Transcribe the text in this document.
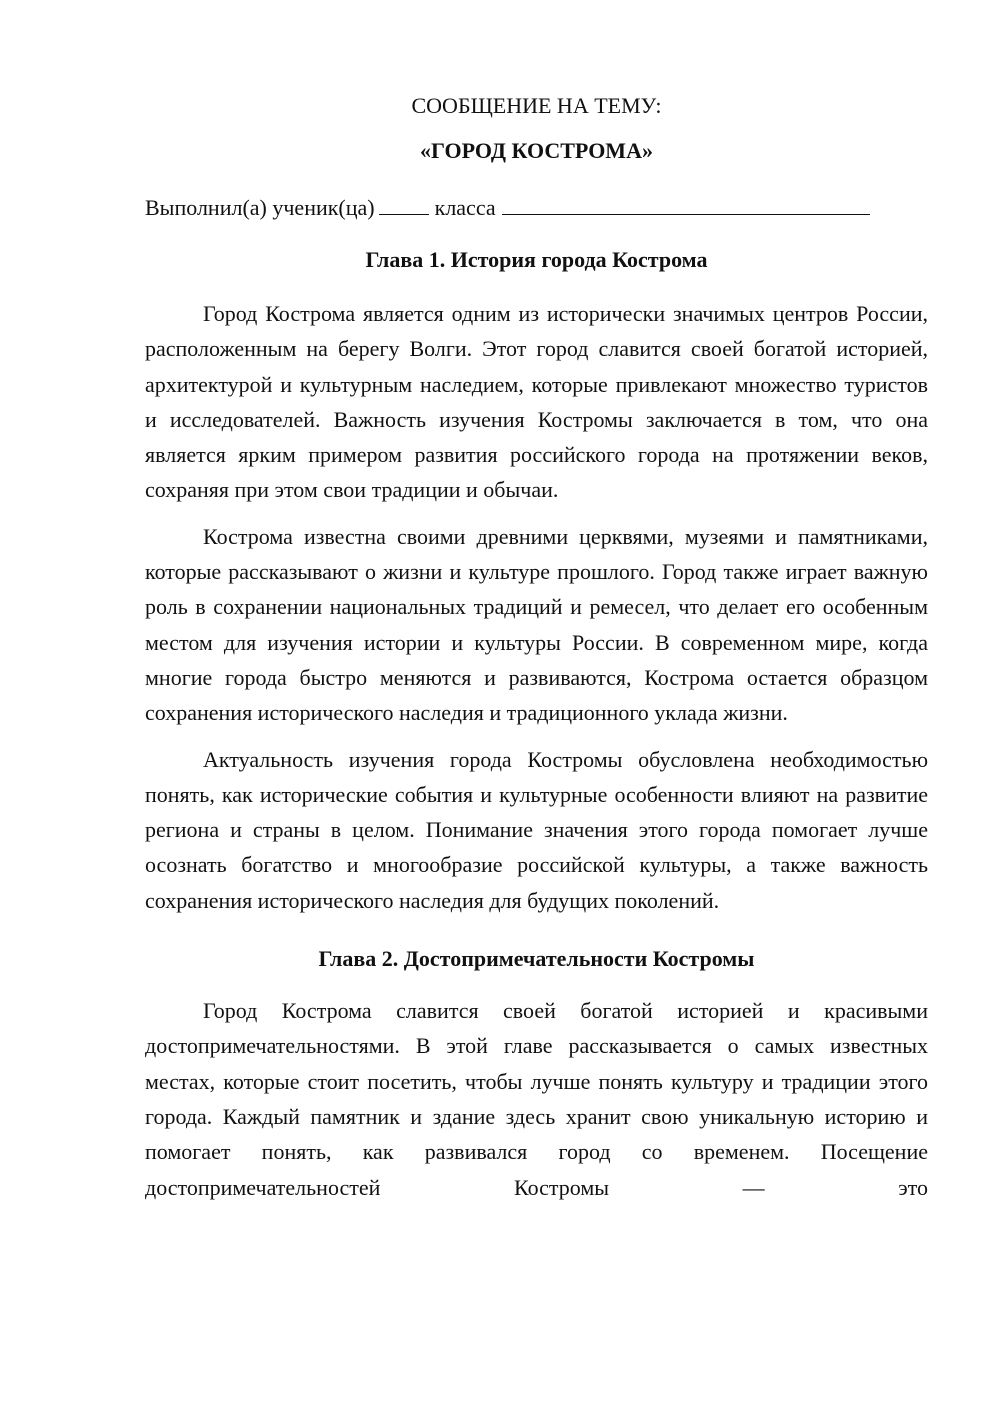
СООБЩЕНИЕ НА ТЕМУ:

«ГОРОД КОСТРОМА»

Выполнил(а) ученик(ца)	класса

Глава 1. История города Кострома

Город Кострома является одним из исторически значимых центров России, расположенным на берегу Волги. Этот город славится своей богатой историей, архитектурой и культурным наследием, которые привлекают множество туристов и исследователей. Важность изучения Костромы заключается в том, что она является ярким примером развития российского города на протяжении веков, сохраняя при этом свои традиции и обычаи.

Кострома известна своими древними церквями, музеями и памятниками, которые рассказывают о жизни и культуре прошлого. Город также играет важную роль в сохранении национальных традиций и ремесел, что делает его особенным местом для изучения истории и культуры России. В современном мире, когда многие города быстро меняются и развиваются, Кострома остается образцом сохранения исторического наследия и традиционного уклада жизни.

Актуальность изучения города Костромы обусловлена необходимостью понять, как исторические события и культурные особенности влияют на развитие региона и страны в целом. Понимание значения этого города помогает лучше осознать богатство и многообразие российской культуры, а также важность сохранения исторического наследия для будущих поколений.

Глава 2. Достопримечательности Костромы

Город Кострома славится своей богатой историей и красивыми достопримечательностями. В этой главе рассказывается о самых известных местах, которые стоит посетить, чтобы лучше понять культуру и традиции этого города. Каждый памятник и здание здесь хранит свою уникальную историю и помогает понять, как развивался город со временем. Посещение достопримечательностей Костромы — это
